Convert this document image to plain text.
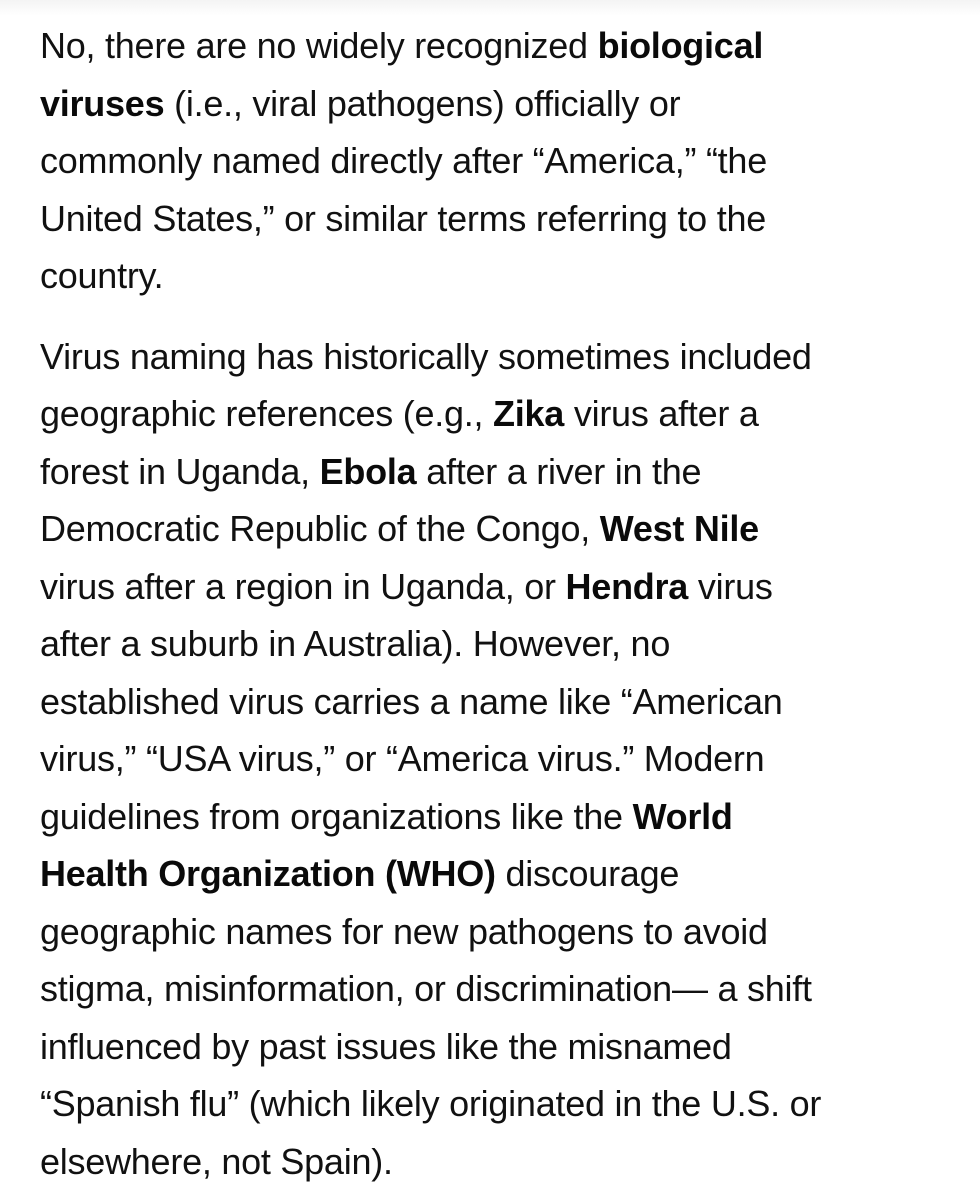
No, there are no widely recognized biological
viruses (i.e., viral pathogens) officially or
commonly named directly after “America,” “the
United States,” or similar terms referring to the
country.

Virus naming has historically sometimes included
geographic references (e.g., Zika virus after a
forest in Uganda, Ebola after a river in the
Democratic Republic of the Congo, West Nile
virus after a region in Uganda, or Hendra virus
after a suburb in Australia). However, no
established virus carries a name like “American
virus,” “USA virus,” or “America virus.” Modern
guidelines from organizations like the World
Health Organization (WHO) discourage
geographic names for new pathogens to avoid
stigma, misinformation, or discrimination— a shift
influenced by past issues like the misnamed
“Spanish flu” (which likely originated in the U.S. or
elsewhere, not Spain).
